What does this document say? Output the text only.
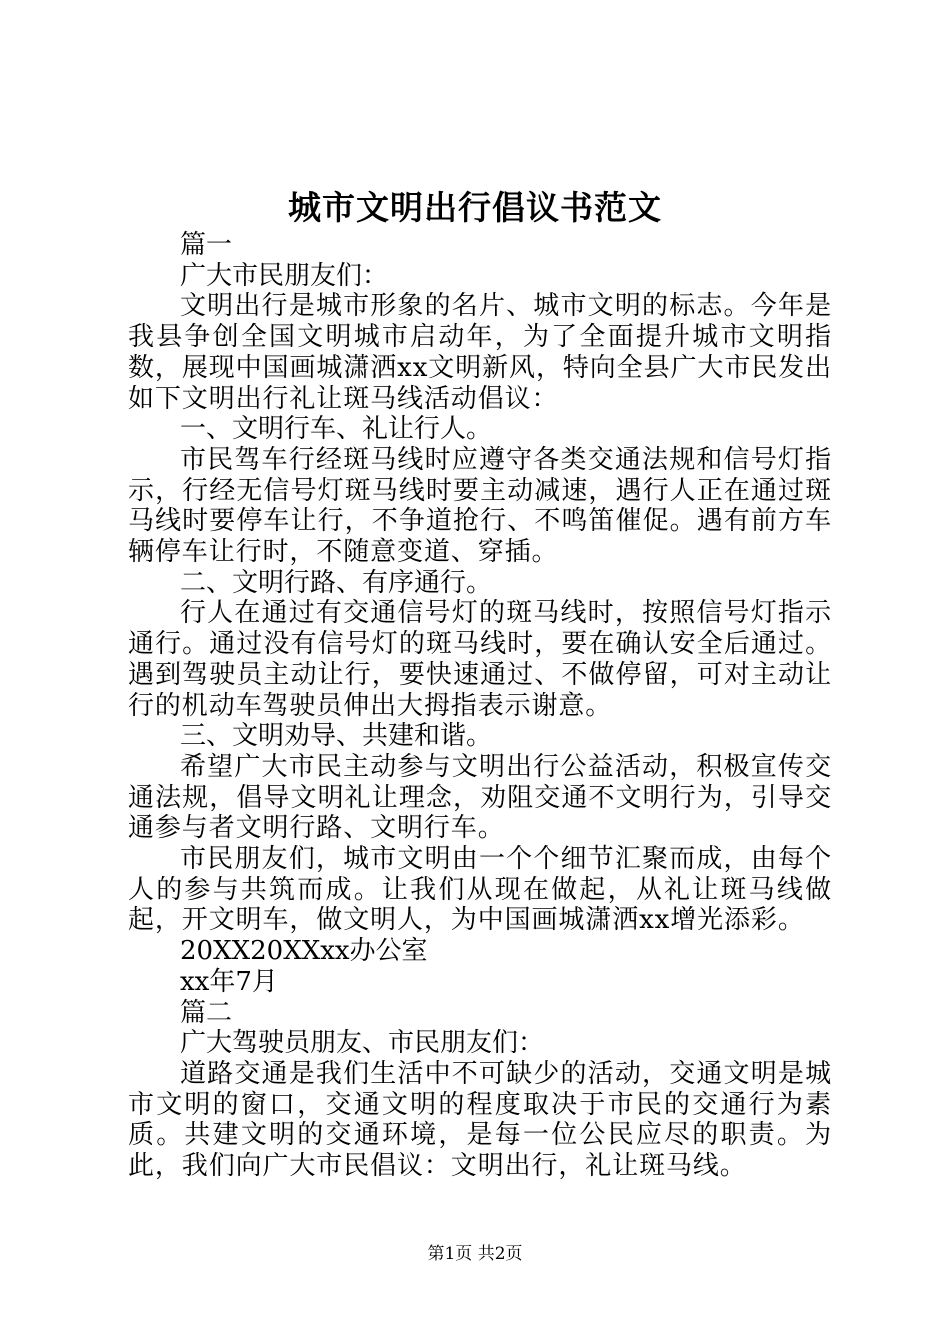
城市文明出行倡议书范文

篇一

广大市民朋友们：

文明出行是城市形象的名片、城市文明的标志。今年是我县争创全国文明城市启动年，为了全面提升城市文明指数，展现中国画城潇洒xx文明新风，特向全县广大市民发出如下文明出行礼让斑马线活动倡议：

一、文明行车、礼让行人。

市民驾车行经斑马线时应遵守各类交通法规和信号灯指示，行经无信号灯斑马线时要主动减速，遇行人正在通过斑马线时要停车让行，不争道抢行、不鸣笛催促。遇有前方车辆停车让行时，不随意变道、穿插。

二、文明行路、有序通行。

行人在通过有交通信号灯的斑马线时，按照信号灯指示通行。通过没有信号灯的斑马线时，要在确认安全后通过。遇到驾驶员主动让行，要快速通过、不做停留，可对主动让行的机动车驾驶员伸出大拇指表示谢意。

三、文明劝导、共建和谐。

希望广大市民主动参与文明出行公益活动，积极宣传交通法规，倡导文明礼让理念，劝阻交通不文明行为，引导交通参与者文明行路、文明行车。

市民朋友们，城市文明由一个个细节汇聚而成，由每个人的参与共筑而成。让我们从现在做起，从礼让斑马线做起，开文明车，做文明人，为中国画城潇洒xx增光添彩。

20XX20XXxx办公室

xx年7月

篇二

广大驾驶员朋友、市民朋友们：

道路交通是我们生活中不可缺少的活动，交通文明是城市文明的窗口，交通文明的程度取决于市民的交通行为素质。共建文明的交通环境，是每一位公民应尽的职责。为此，我们向广大市民倡议：文明出行，礼让斑马线。

第1页 共2页
